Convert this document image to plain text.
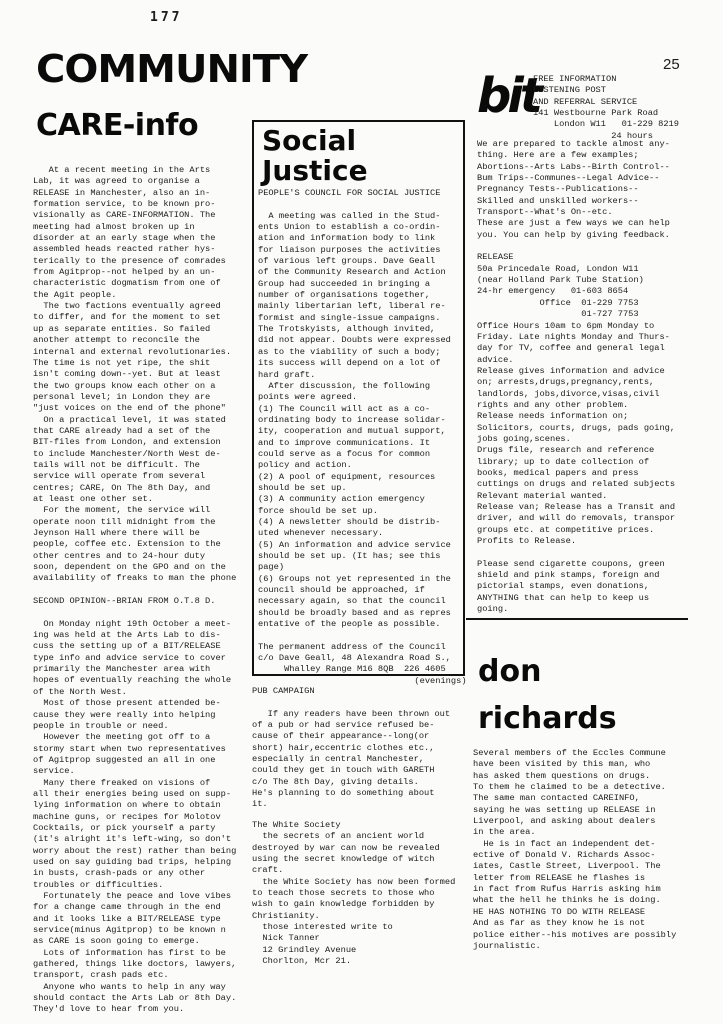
177
25
COMMUNITY
CARE-info
At a recent meeting in the Arts
Lab, it was agreed to organise a
RELEASE in Manchester, also an in-
formation service, to be known pro-
visionally as CARE-INFORMATION. The
meeting had almost broken up in
disorder at an early stage when the
assembled heads reacted rather hys-
terically to the presence of comrades
from Agitprop--not helped by an un-
characteristic dogmatism from one of
the Agit people.
The two factions eventually agreed
to differ, and for the moment to set
up as separate entities. So failed
another attempt to reconcile the
internal and external revolutionaries.
The time is not yet ripe, the shit
isn't coming down--yet. But at least
the two groups know each other on a
personal level; in London they are
"just voices on the end of the phone"
On a practical level, it was stated
that CARE already had a set of the
BIT-files from London, and extension
to include Manchester/North West de-
tails will not be difficult. The
service will operate from several
centres; CARE, On The 8th Day, and
at least one other set.
For the moment, the service will
operate noon till midnight from the
Jeynson Hall where there will be
people, coffee etc. Extension to the
other centres and to 24-hour duty
soon, dependent on the GPO and on the
availability of freaks to man the phone

SECOND OPINION--BRIAN FROM O.T.8 D.

On Monday night 19th October a meet-
ing was held at the Arts Lab to dis-
cuss the setting up of a BIT/RELEASE
type info and advice service to cover
primarily the Manchester area with
hopes of eventually reaching the whole
of the North West.
Most of those present attended be-
cause they were really into helping
people in trouble or need.
However the meeting got off to a
stormy start when two representatives
of Agitprop suggested an all in one
service.
Many there freaked on visions of
all their energies being used on supp-
lying information on where to obtain
machine guns, or recipes for Molotov
Cocktails, or pick yourself a party
(it's alright it's left-wing, so don't
worry about the rest) rather than being
used on say guiding bad trips, helping
in busts, crash-pads or any other
troubles or difficulties.
Fortunately the peace and love vibes
for a change came through in the end
and it looks like a BIT/RELEASE type
service(minus Agitprop) to be known n
as CARE is soon going to emerge.
Lots of information has first to be
gathered, things like doctors, lawyers,
transport, crash pads etc.
Anyone who wants to help in any way
should contact the Arts Lab or 8th Day.
They'd love to hear from you.
Social
Justice
PEOPLE'S COUNCIL FOR SOCIAL JUSTICE

A meeting was called in the Stud-
ents Union to establish a co-ordin-
ation and information body to link
for liaison purposes the activities
of various left groups. Dave Geall
of the Community Research and Action
Group had succeeded in bringing a
number of organisations together,
mainly libertarian left, liberal re-
formist and single-issue campaigns.
The Trotskyists, although invited,
did not appear. Doubts were expressed
as to the viability of such a body;
its success will depend on a lot of
hard graft.
After discussion, the following
points were agreed.
(1) The Council will act as a co-
ordinating body to increase solidar-
ity, cooperation and mutual support,
and to improve communications. It
could serve as a focus for common
policy and action.
(2) A pool of equipment, resources
should be set up.
(3) A community action emergency
force should be set up.
(4) A newsletter should be distrib-
uted whenever necessary.
(5) An information and advice service
should be set up. (It has; see this
page)
(6) Groups not yet represented in the
council should be approached, if
necessary again, so that the council
should be broadly based and as repres
entative of the people as possible.

The permanent address of the Council
c/o Dave Geall, 48 Alexandra Road S.,
Whalley Range M16 8QB  226 4605
(evenings)
PUB CAMPAIGN

If any readers have been thrown out
of a pub or had service refused be-
cause of their appearance--long(or
short) hair,eccentric clothes etc.,
especially in central Manchester,
could they get in touch with GARETH
c/o The 8th Day, giving details.
He's planning to do something about
it.
The White Society
the secrets of an ancient world
destroyed by war can now be revealed
using the secret knowledge of witch
craft.
the White Society has now been formed
to teach those secrets to those who
wish to gain knowledge forbidden by
Christianity.
those interested write to
Nick Tanner
12 Grindley Avenue
Chorlton, Mcr 21.
bit
FREE INFORMATION
LISTENING POST
AND REFERRAL SERVICE
141 Westbourne Park Road
London W11   01-229 8219
24 hours
We are prepared to tackle almost any-
thing. Here are a few examples;
Abortions--Arts Labs--Birth Control--
Bum Trips--Communes--Legal Advice--
Pregnancy Tests--Publications--
Skilled and unskilled workers--
Transport--What's On--etc.
These are just a few ways we can help
you. You can help by giving feedback.

RELEASE
50a Princedale Road, London W11
(near Holland Park Tube Station)
24-hr emergency   01-603 8654
Office  01-229 7753
01-727 7753
Office Hours 10am to 6pm Monday to
Friday. Late nights Monday and Thurs-
day for TV, coffee and general legal
advice.
Release gives information and advice
on; arrests,drugs,pregnancy,rents,
landlords, jobs,divorce,visas,civil
rights and any other problem.
Release needs information on;
Solicitors, courts, drugs, pads going,
jobs going,scenes.
Drugs file, research and reference
library; up to date collection of
books, medical papers and press
cuttings on drugs and related subjects
Relevant material wanted.
Release van; Release has a Transit and
driver, and will do removals, transpor
groups etc. at competitive prices.
Profits to Release.

Please send cigarette coupons, green
shield and pink stamps, foreign and
pictorial stamps, even donations,
ANYTHING that can help to keep us
going.
don
richards
Several members of the Eccles Commune
have been visited by this man, who
has asked them questions on drugs.
To them he claimed to be a detective.
The same man contacted CAREINFO,
saying he was setting up RELEASE in
Liverpool, and asking about dealers
in the area.
He is in fact an independent det-
ective of Donald V. Richards Assoc-
iates, Castle Street, Liverpool. The
letter from RELEASE he flashes is
in fact from Rufus Harris asking him
what the hell he thinks he is doing.
HE HAS NOTHING TO DO WITH RELEASE
And as far as they know he is not
police either--his motives are possibly
journalistic.
